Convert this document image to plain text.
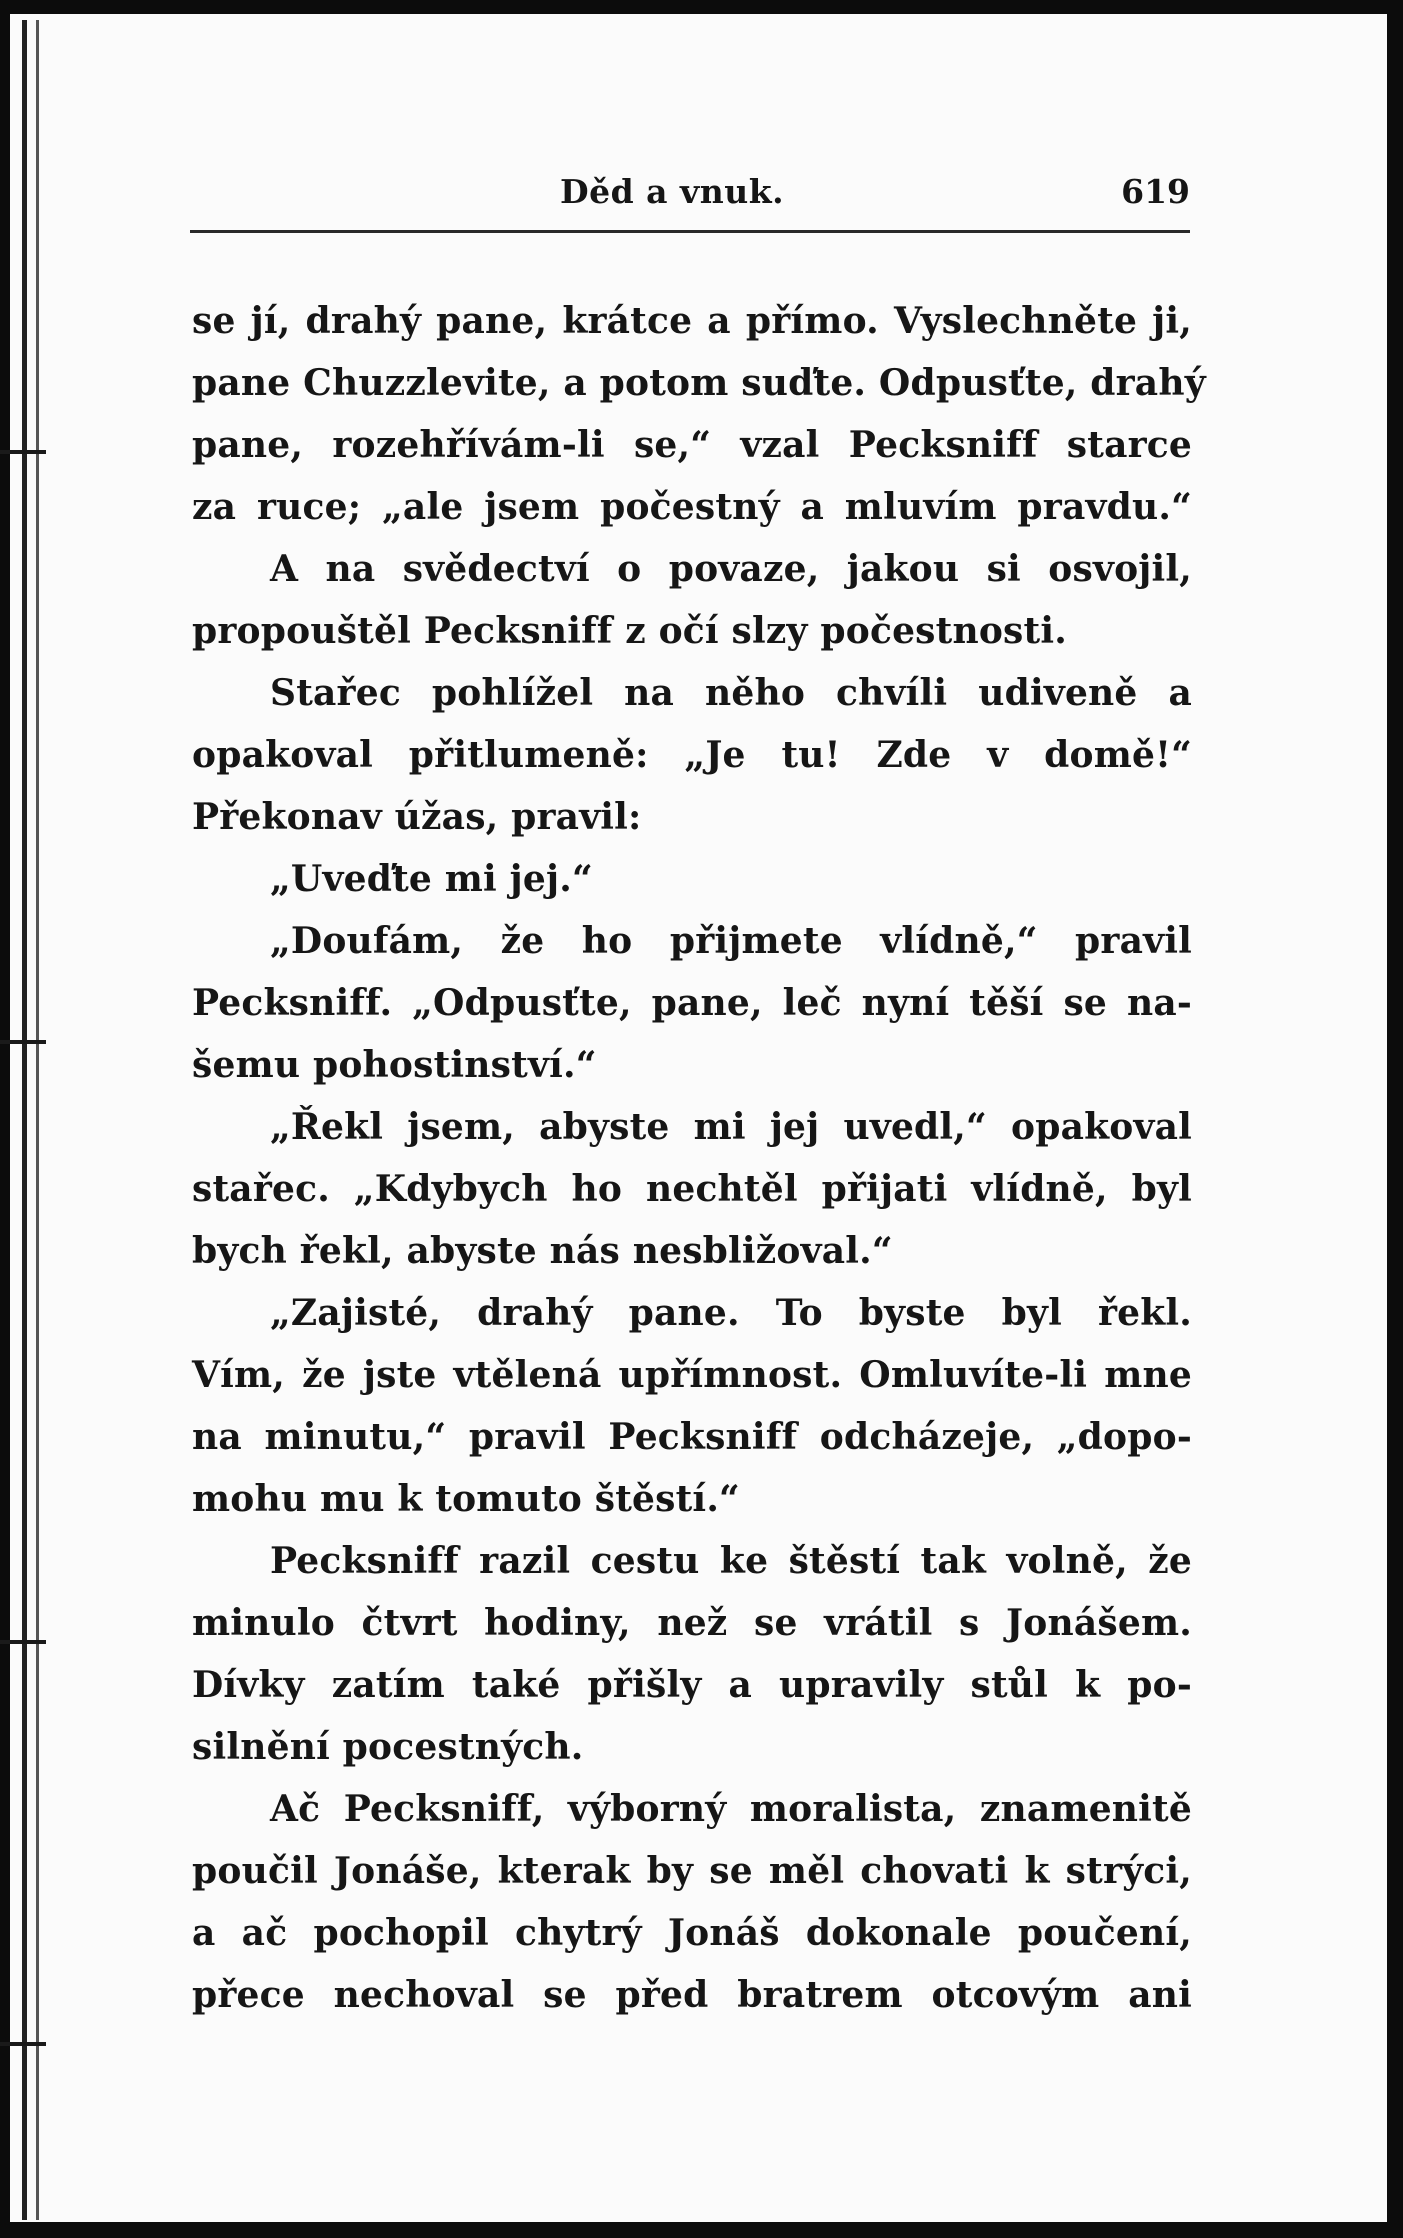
Děd a vnuk.	619
se jí, drahý pane, krátce a přímo. Vyslechněte ji,
pane Chuzzlevite, a potom suďte. Odpusťte, drahý
pane, rozehřívám-li se,“ vzal Pecksniff starce
za ruce; „ale jsem počestný a mluvím pravdu.“
A na svědectví o povaze, jakou si osvojil,
propouštěl Pecksniff z očí slzy počestnosti.
Stařec pohlížel na něho chvíli udiveně a
opakoval přitlumeně: „Je tu! Zde v domě!“
Překonav úžas, pravil:
„Uveďte mi jej.“
„Doufám, že ho přijmete vlídně,“ pravil
Pecksniff. „Odpusťte, pane, leč nyní těší se na-
šemu pohostinství.“
„Řekl jsem, abyste mi jej uvedl,“ opakoval
stařec. „Kdybych ho nechtěl přijati vlídně, byl
bych řekl, abyste nás nesbližoval.“
„Zajisté, drahý pane. To byste byl řekl.
Vím, že jste vtělená upřímnost. Omluvíte-li mne
na minutu,“ pravil Pecksniff odcházeje, „dopo-
mohu mu k tomuto štěstí.“
Pecksniff razil cestu ke štěstí tak volně, že
minulo čtvrt hodiny, než se vrátil s Jonášem.
Dívky zatím také přišly a upravily stůl k po-
silnění pocestných.
Ač Pecksniff, výborný moralista, znamenitě
poučil Jonáše, kterak by se měl chovati k strýci,
a ač pochopil chytrý Jonáš dokonale poučení,
přece nechoval se před bratrem otcovým ani
